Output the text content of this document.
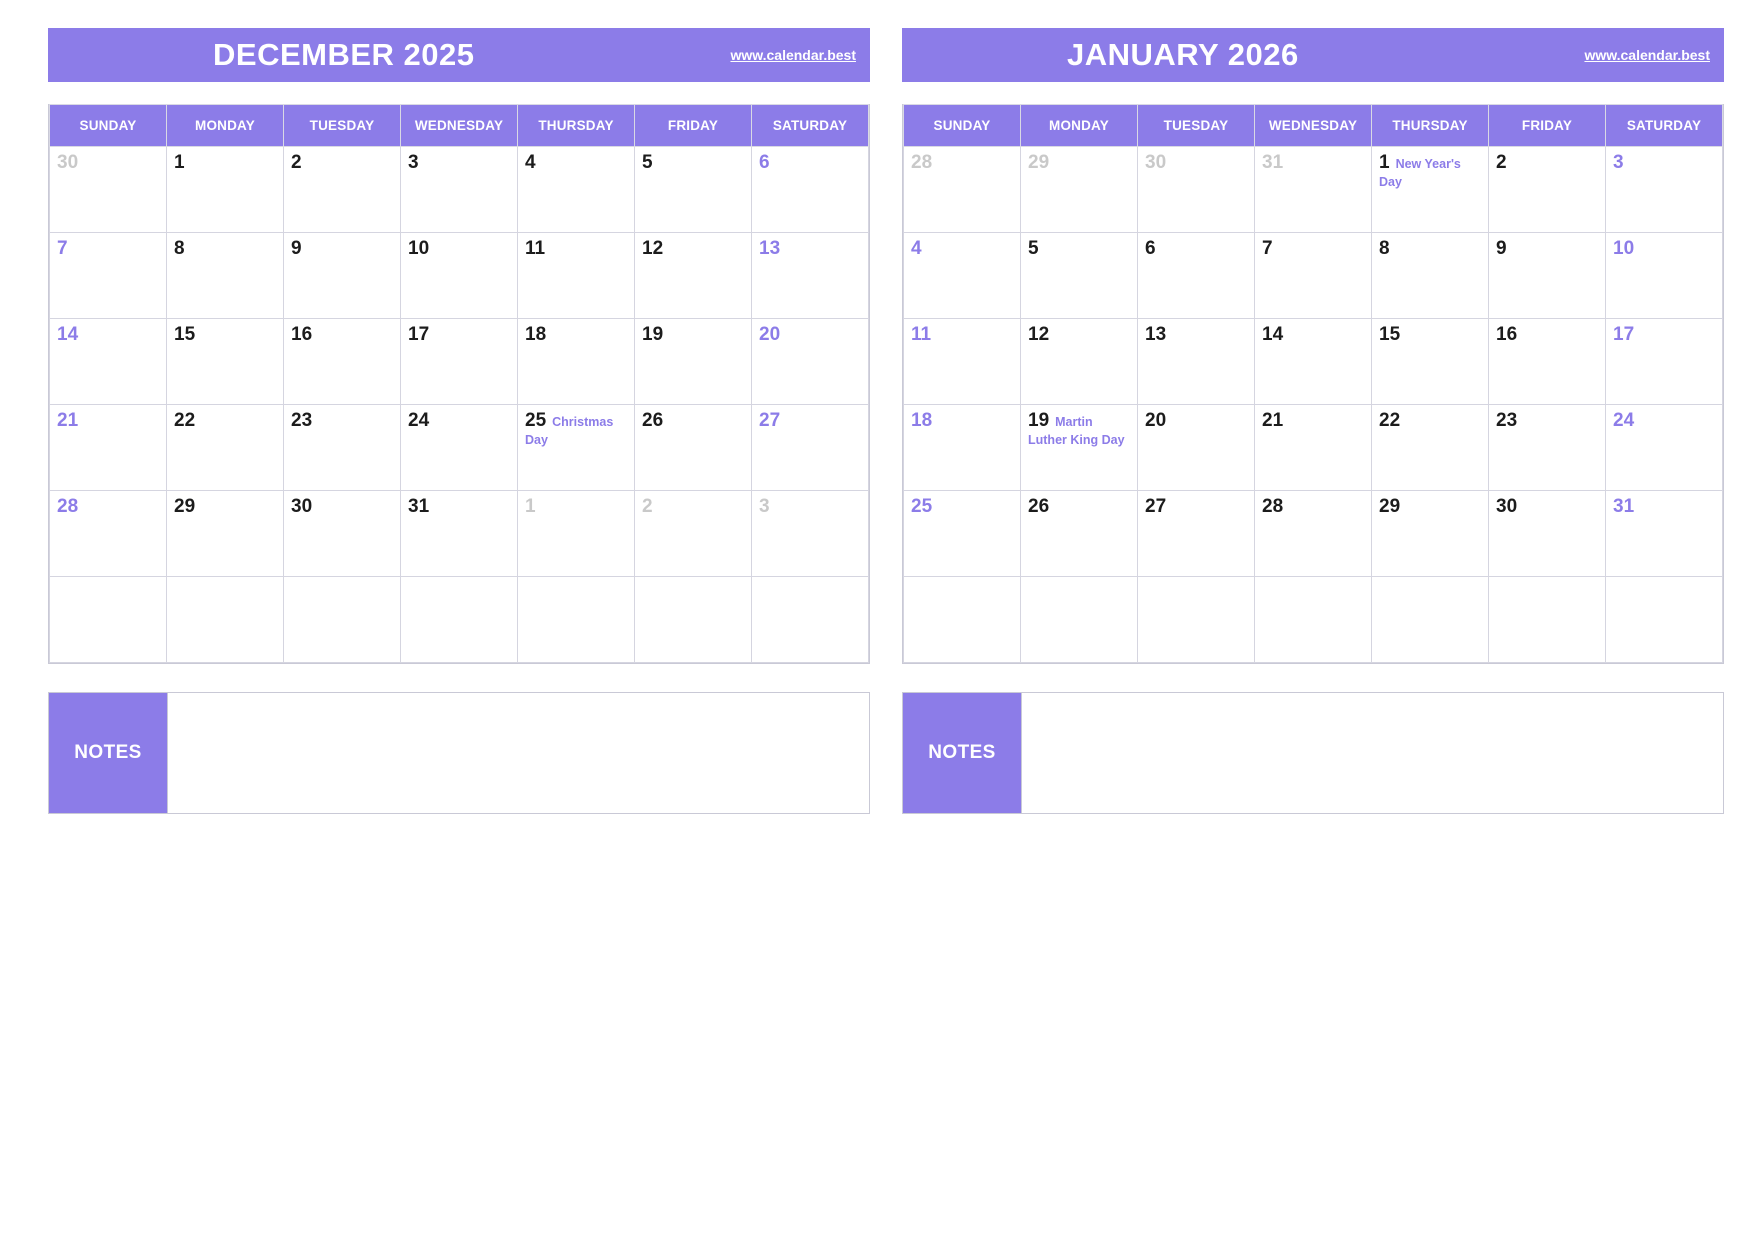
DECEMBER 2025	www.calendar.best
SUNDAY	MONDAY	TUESDAY	WEDNESDAY	THURSDAY	FRIDAY	SATURDAY
30	1	2	3	4	5	6
7	8	9	10	11	12	13
14	15	16	17	18	19	20
21	22	23	24	25 Christmas Day	26	27
28	29	30	31	1	2	3

NOTES
JANUARY 2026	www.calendar.best
SUNDAY	MONDAY	TUESDAY	WEDNESDAY	THURSDAY	FRIDAY	SATURDAY
28	29	30	31	1 New Year's Day	2	3
4	5	6	7	8	9	10
11	12	13	14	15	16	17
18	19 Martin Luther King Day	20	21	22	23	24
25	26	27	28	29	30	31

NOTES
